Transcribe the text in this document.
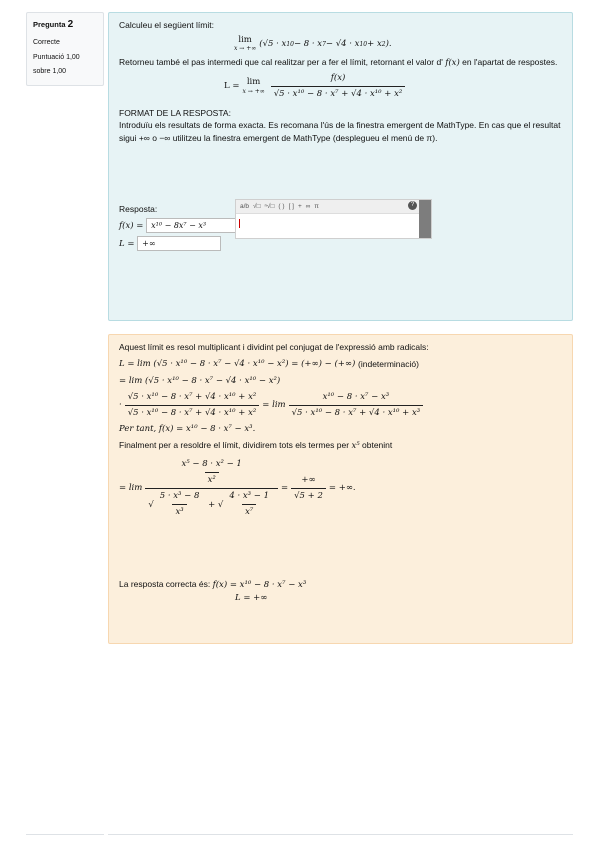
Pregunta 2
Correcte
Puntuació 1,00
sobre 1,00
Calculeu el següent límit:
lim
x → +∞
(√5 · x 10 − 8 · x 7 − √4 · x 10 + x 2 ).
Retorneu també el pas intermedi que cal realitzar per a fer el límit, retornant el valor d' f(x) en l'apartat de respostes.
L = lim
x → +∞ $\frac{f(x)}{\text{√5 · x¹⁰ − 8 · x⁷ + √4 · x¹⁰ + x²}}$
FORMAT DE LA RESPOSTA:
Introduïu els resultats de forma exacta. Es recomana l'ús de la finestra emergent de MathType. En cas que el resultat sigui +∞ o −∞ utilitzeu la finestra emergent de MathType (desplegueu el menú de π).
Resposta:
f(x) = x¹⁰ − 8x⁷ − x³
L = +∞
a/b √□ ⁿ√□ ( ) [ ] + ∞ π	?
Aquest límit es resol multiplicant i dividint pel conjugat de l'expressió amb radicals:
L = lim
(√5 · x¹⁰ − 8 · x⁷ − √4 · x¹⁰ − x²) = (+∞) − (+∞)
(indeterminació)
= lim (√5 · x¹⁰ − 8 · x⁷ − √4 · x¹⁰ − x²)
· $\frac{\text{√5 · x¹⁰ − 8 · x⁷ + √4 · x¹⁰ + x²}}{\text{√5 · x¹⁰ − 8 · x⁷ + √4 · x¹⁰ + x²}} = \lim \frac{\text{x¹⁰ − 8 · x⁷ − x³}}{\text{√5 · x¹⁰ − 8 · x⁷ + √4 · x¹⁰ + x³}}$
Per tant, f(x) = x¹⁰ − 8 · x⁷ − x³.
Finalment per a resoldre el límit, dividirem tots els termes per x⁵ obtenint
= $\lim \frac{\frac{\text{x⁵ − 8 · x² − 1}}{\text{x²}}}{√ \frac{\text{5 · x³ − 8}}{\text{x³}} + √ \frac{\text{4 · x³ − 1}}{\text{x⁷}}} = \frac{+\infty}{√5 + 2}$ = +∞.
La resposta correcta és: f(x) = x¹⁰ − 8 · x⁷ − x³
L = +∞
